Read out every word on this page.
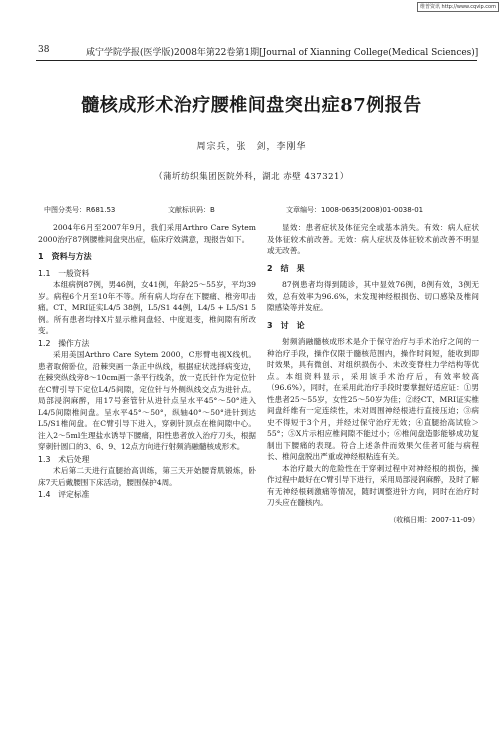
维普资讯 http://www.cqvip.com
38	咸宁学院学报(医学版)2008年第22卷第1期[Journal of Xianning College(Medical Sciences)]
髓核成形术治疗腰椎间盘突出症87例报告
周宗兵，张　剑，李刚华
（蒲圻纺织集团医院外科，湖北 赤壁 437321）
中图分类号：R681.53	文献标识码：B	文章编号：1008-0635(2008)01-0038-01

2004年6月至2007年9月，我们采用Arthro Care Sytem 2000治疗87例腰椎间盘突出症，临床疗效满意，现报告如下。

1　资料与方法
1.1　一般资料

本组病例87例，男46例，女41例，年龄25～55岁，平均39岁。病程6个月至10年不等。所有病人均存在下腰痛、椎旁叩击痛。CT、MRI证实L4/5 38例，L5/S1 44例，L4/5 + L5/S1 5例。所有患者均排X片显示椎间盘轻、中度退变，椎间隙有所改变。

1.2　操作方法

采用美国Arthro Care Sytem 2000，C形臂电视X线机。患者取俯卧位，沿棘突画一条正中纵线，根据症状选择病变边，在棘突纵线旁8～10cm画一条平行线条，放一克氏针作为定位针在C臂引导下定位L4/5间隙，定位针与外侧纵线交点为进针点。局部浸润麻醉，用17号套管针从进针点呈水平45°～50°进入L4/5间隙椎间盘。呈水平45°～50°，纵轴40°～50°进针到达L5/S1椎间盘。在C臂引导下进入，穿刺针顶点在椎间隙中心。注入2～5ml生理盐水诱导下腰痛，阳性患者放入治疗刀头，根据穿刺针圆口的3、6、9、12点方向进行射频消融髓核成形术。

1.3　术后处理

术后第二天进行直腿抬高训练，第三天开始腰背肌锻炼，卧床7天后戴腰围下床活动，腰围保护4周。

1.4　评定标准

显效：患者症状及体征完全或基本消失。有效：病人症状及体征较术前改善。无效：病人症状及体征较术前改善不明显或无改善。

2　结　果

87例患者均得到随诊，其中显效76例，8例有效，3例无效，总有效率为96.6%，未发现神经根损伤、切口感染及椎间隙感染等并发症。

3　讨　论

射频消融髓核成形术是介于保守治疗与手术治疗之间的一种治疗手段，操作仅限于髓核范围内，操作时间短，能收到即时效果，具有微创、对组织损伤小、未改变脊柱力学结构等优点。本组资料显示，采用该手术治疗后，有效率较高（96.6%），同时，在采用此治疗手段时要掌握好适应证：①男性患者25～55岁，女性25～50岁为佳；②经CT、MRI证实椎间盘纤维有一定连续性，未对周围神经根进行直接压迫；③病史不得短于3个月，并经过保守治疗无效；④直腿抬高试验＞55°；⑤X片示相应椎间隙不能过小；⑥椎间盘造影能够成功复制出下腰痛的表现。符合上述条件而效果欠佳者可能与病程长、椎间盘脱出严重或神经根粘连有关。

本治疗最大的危险性在于穿刺过程中对神经根的损伤，操作过程中最好在C臂引导下进行，采用局部浸润麻醉，及时了解有无神经根刺激痛等情况，随时调整进针方向，同时在治疗时刀头应在髓核内。

（收稿日期：2007-11-09）
